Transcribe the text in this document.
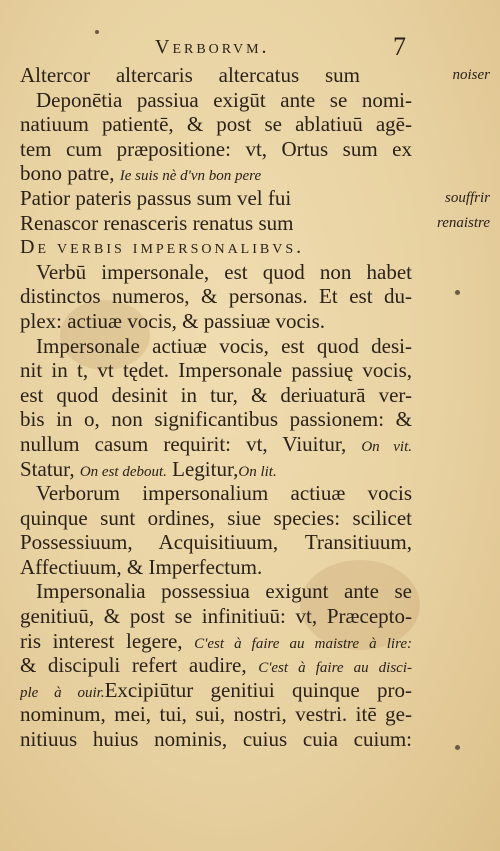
Verborvm.	7
Altercor altercaris altercatus sum
Deponētia passiua exigūt ante se nomi-
natiuum patientē, & post se ablatiuū agē-
tem cum præpositione: vt, Ortus sum ex
bono patre, Ie suis nè d'vn bon pere
Patior pateris passus sum vel fui
Renascor renasceris renatus sum
De verbis impersonalibvs.
Verbū impersonale, est quod non habet
distinctos numeros, & personas. Et est du-
plex: actiuæ vocis, & passiuæ vocis.
Impersonale actiuæ vocis, est quod desi-
nit in t, vt tędet. Impersonale passiuę vocis,
est quod desinit in tur, & deriuaturā ver-
bis in o, non significantibus passionem: &
nullum casum requirit: vt, Viuitur, On vit.
Statur, On est debout. Legitur,On lit.
Verborum impersonalium actiuæ vocis
quinque sunt ordines, siue species: scilicet
Possessiuum, Acquisitiuum, Transitiuum,
Affectiuum, & Imperfectum.
Impersonalia possessiua exigunt ante se
genitiuū, & post se infinitiuū: vt, Præcepto-
ris interest legere, C'est à faire au maistre à lire:
& discipuli refert audire, C'est à faire au disci-
ple à ouir.Excipiūtur genitiui quinque pro-
nominum, mei, tui, sui, nostri, vestri. itē ge-
nitiuus huius nominis, cuius cuia cuium:
noiser
souffrir
renaistre
